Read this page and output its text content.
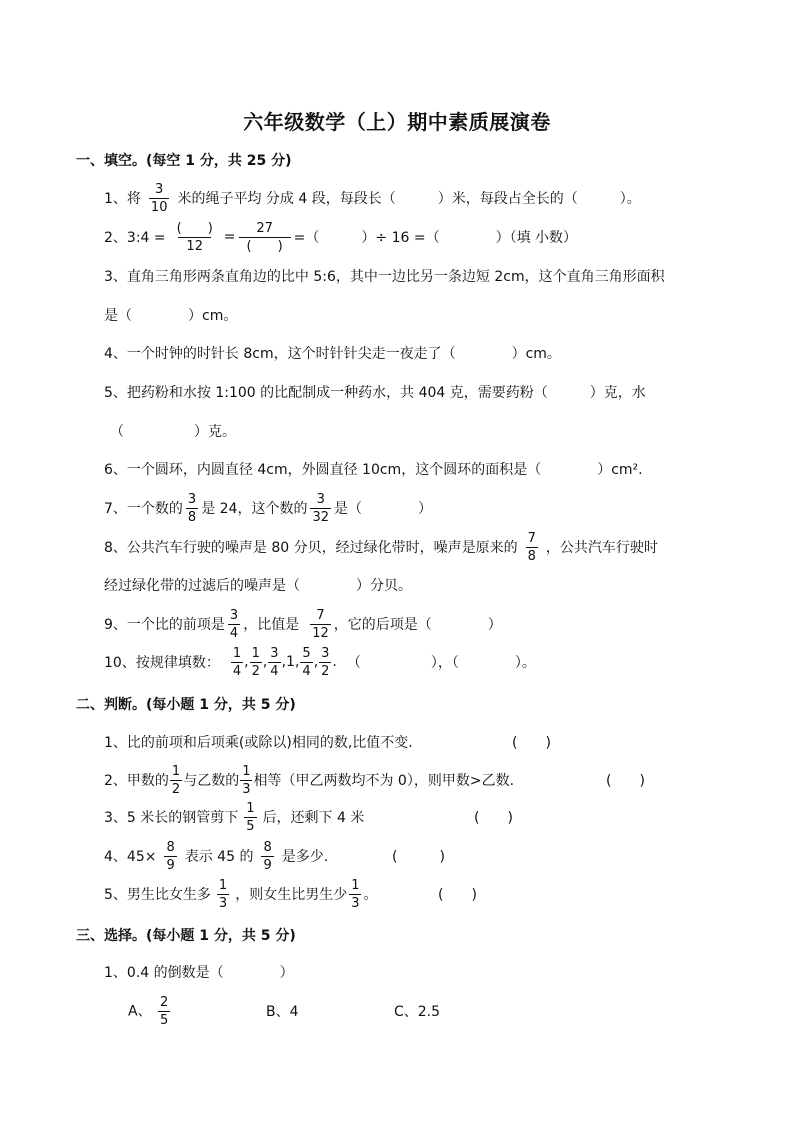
六年级数学（上）期中素质展演卷
一、填空。(每空 1 分，共 25 分)
1、将 $\frac{3}{10}$ 米的绳子平均 分成 4 段，每段长（　　　）米，每段占全长的（　　　）。
2、3:4 = $\frac{( )}{12} = \frac{27}{( )}$ =（　　　）÷ 16 =（　　　　）（填 小数）
3、直角三角形两条直角边的比中 5:6，其中一边比另一条边短 2cm，这个直角三角形面积
是（　　　　）cm。
4、一个时钟的时针长 8cm，这个时针针尖走一夜走了（　　　　）cm。
5、把药粉和水按 1:100 的比配制成一种药水，共 404 克，需要药粉（　　　）克，水
（　　　　　）克。
6、一个圆环，内圆直径 4cm，外圆直径 10cm，这个圆环的面积是（　　　　）cm².
7、一个数的 $\frac{3}{8}$ 是 24，这个数的 $\frac{3}{32}$ 是（　　　　）
8、公共汽车行驶的噪声是 80 分贝，经过绿化带时，噪声是原来的 $\frac{7}{8}$ ，公共汽车行驶时
经过绿化带的过滤后的噪声是（　　　　）分贝。
9、一个比的前项是 $\frac{3}{4}$ ，比值是 $\frac{7}{12}$ ，它的后项是（　　　　）
10、按规律填数： $\frac{1}{4}$ , $\frac{1}{2}$ , $\frac{3}{4}$ , 1 , $\frac{5}{4}$ , $\frac{3}{2}$ . （　　　　　），（　　　　）。
二、判断。(每小题 1 分，共 5 分)
1、比的前项和后项乘(或除以)相同的数,比值不变.	(　　)
2、甲数的 $\frac{1}{2}$ 与乙数的 $\frac{1}{3}$ 相等（甲乙两数均不为 0），则甲数>乙数.	(　　)
3、5 米长的钢管剪下 $\frac{1}{5}$ 后，还剩下 4 米	(　　)
4、$45\times \frac{8}{9}$ 表示 45 的 $\frac{8}{9}$ 是多少.	(　　　)
5、男生比女生多 $\frac{1}{3}$ ，则女生比男生少 $\frac{1}{3}$ 。	(　　)
三、选择。(每小题 1 分，共 5 分)
1、0.4 的倒数是（　　　　）
A、 $\frac{2}{5}$	B、4	C、2.5
